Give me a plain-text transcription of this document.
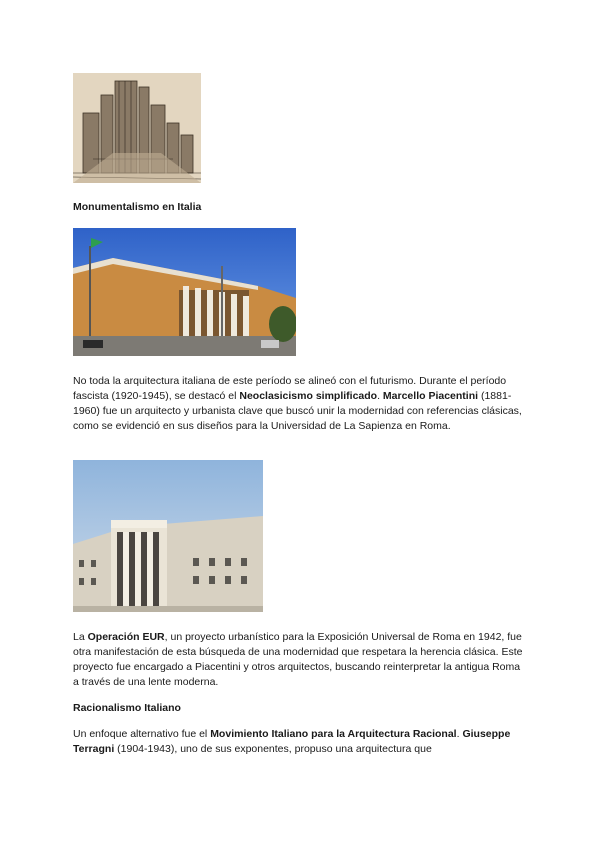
Monumentalismo en Italia

No toda la arquitectura italiana de este período se alineó con el futurismo. Durante el período fascista (1920-1945), se destacó el Neoclasicismo simplificado. Marcello Piacentini (1881-1960) fue un arquitecto y urbanista clave que buscó unir la modernidad con referencias clásicas, como se evidenció en sus diseños para la Universidad de La Sapienza en Roma.

La Operación EUR, un proyecto urbanístico para la Exposición Universal de Roma en 1942, fue otra manifestación de esta búsqueda de una modernidad que respetara la herencia clásica. Este proyecto fue encargado a Piacentini y otros arquitectos, buscando reinterpretar la antigua Roma a través de una lente moderna.

Racionalismo Italiano

Un enfoque alternativo fue el Movimiento Italiano para la Arquitectura Racional. Giuseppe Terragni (1904-1943), uno de sus exponentes, propuso una arquitectura que
